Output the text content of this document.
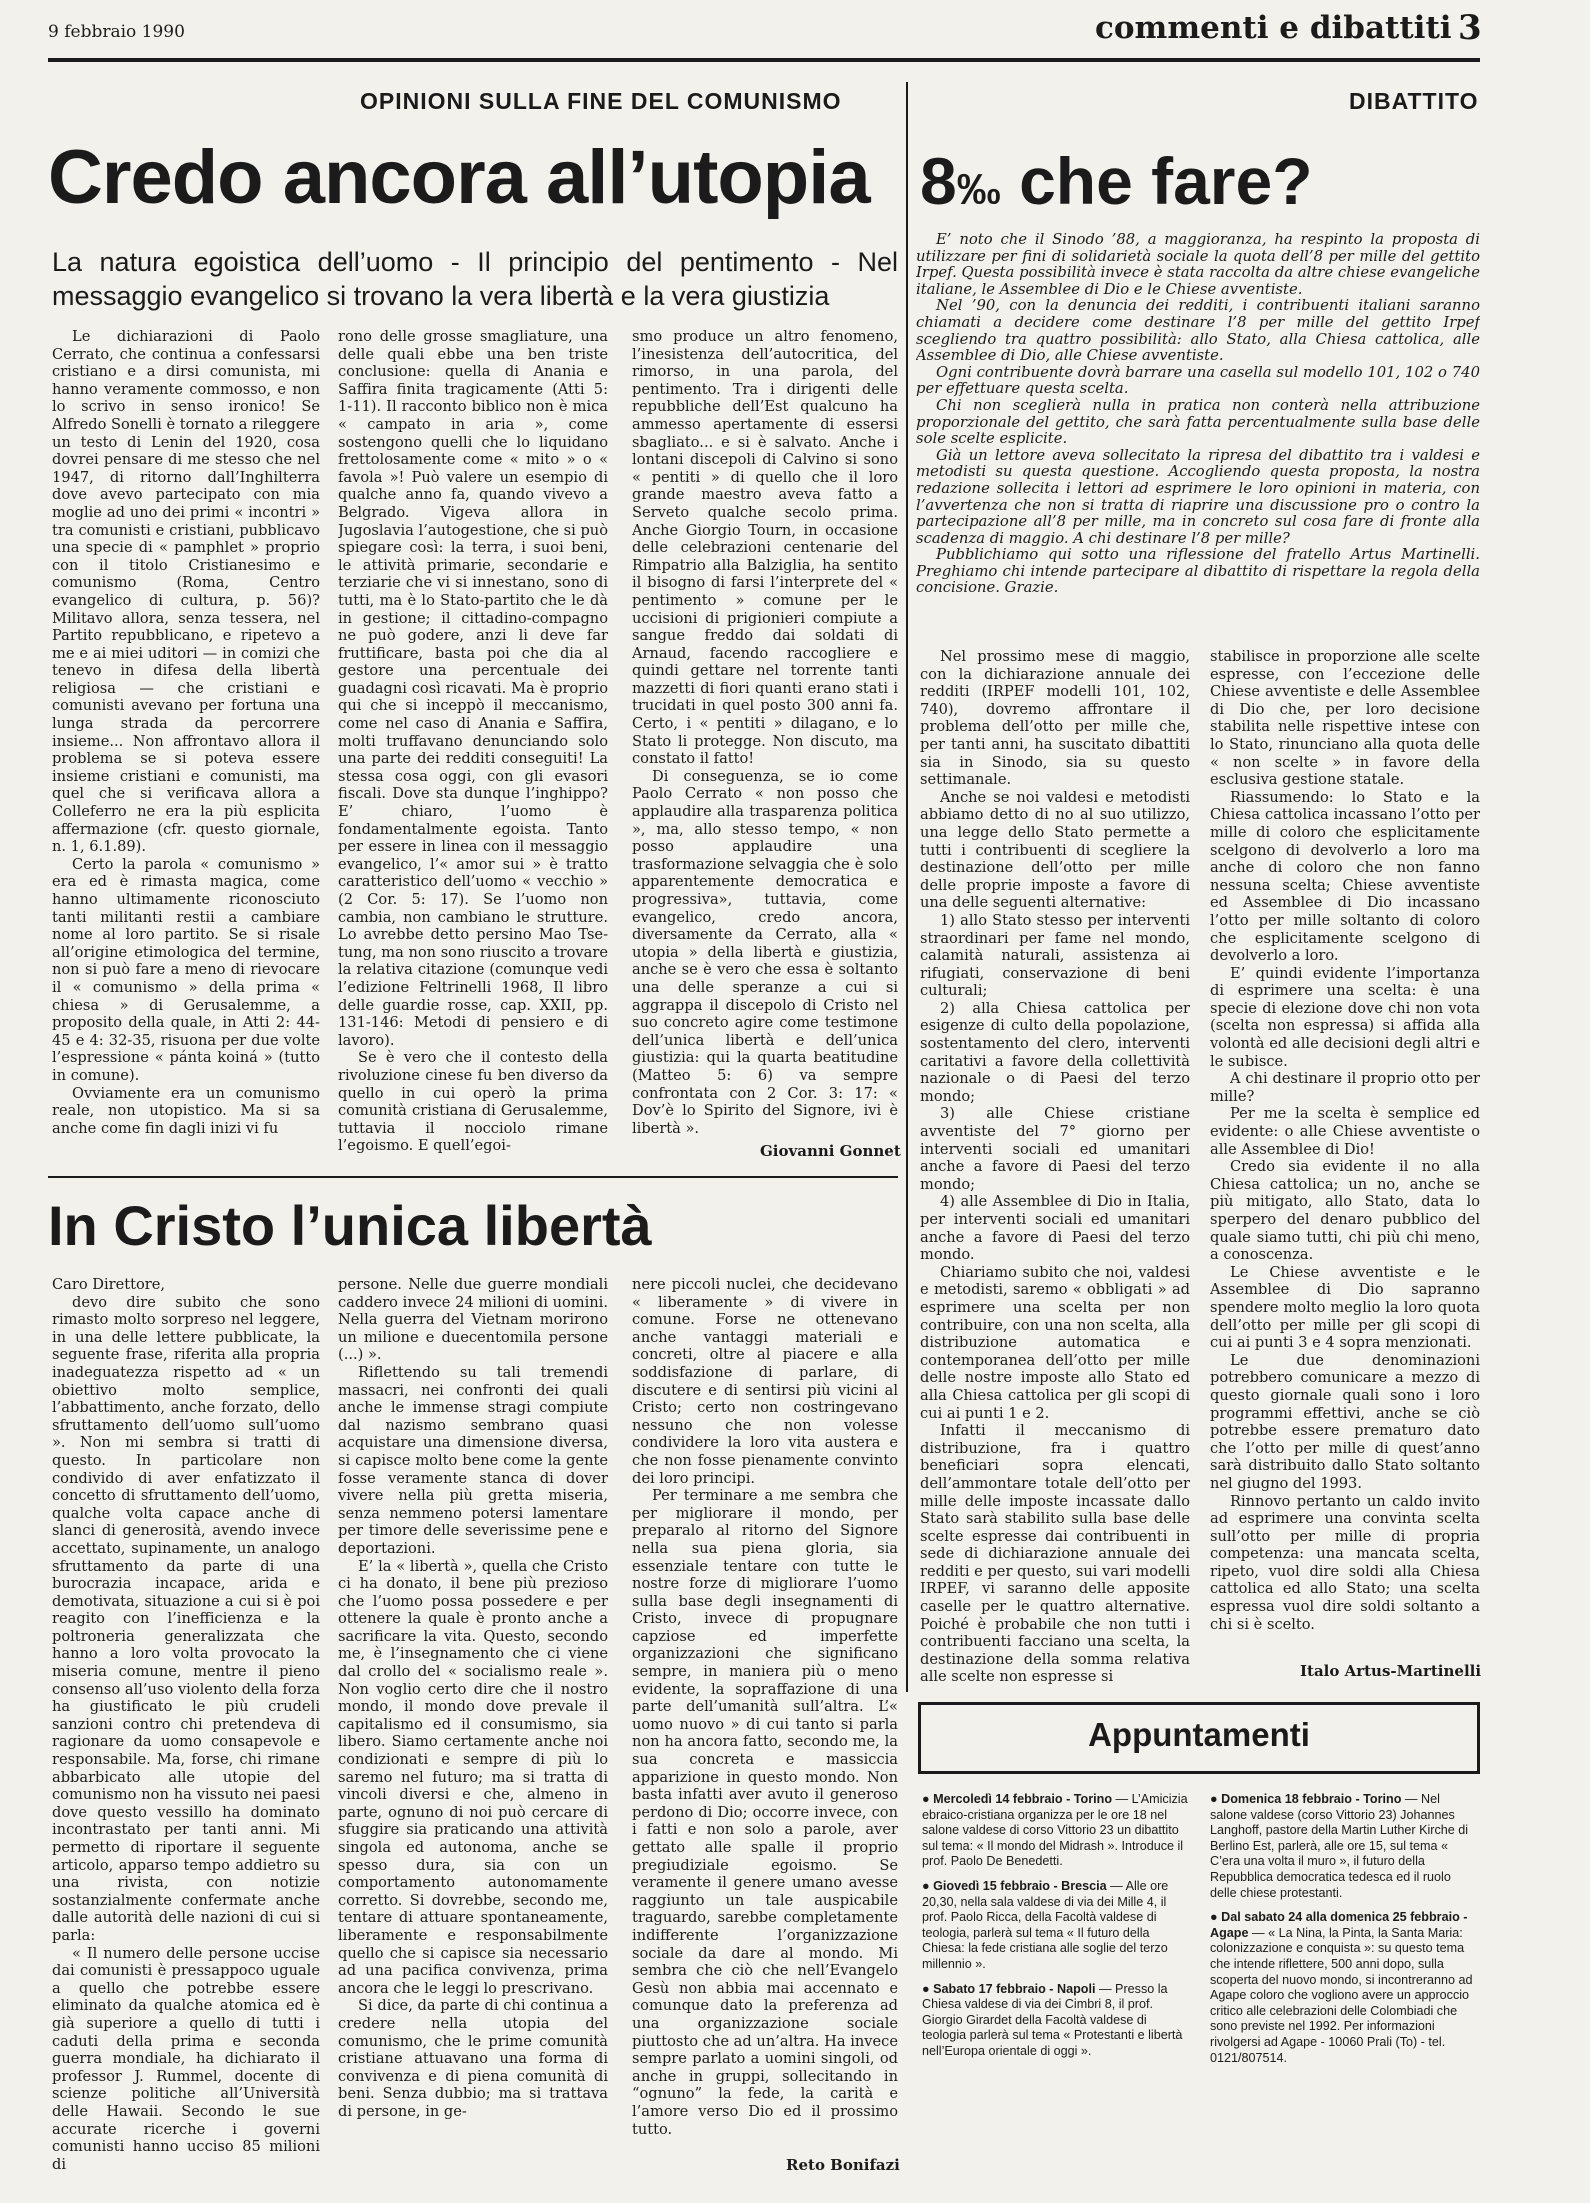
9 febbraio 1990	commenti e dibattiti 3
OPINIONI SULLA FINE DEL COMUNISMO
Credo ancora all’utopia
La natura egoistica dell’uomo - Il principio del pentimento - Nel messaggio evangelico si trovano la vera libertà e la vera giustizia

Le dichiarazioni di Paolo Cerrato, che continua a confessarsi cristiano e a dirsi comunista, mi hanno veramente commosso, e non lo scrivo in senso ironico! Se Alfredo Sonelli è tornato a rileggere un testo di Lenin del 1920, cosa dovrei pensare di me stesso che nel 1947, di ritorno dall’Inghilterra dove avevo partecipato con mia moglie ad uno dei primi « incontri » tra comunisti e cristiani, pubblicavo una specie di « pamphlet » proprio con il titolo Cristianesimo e comunismo (Roma, Centro evangelico di cultura, p. 56)? Militavo allora, senza tessera, nel Partito repubblicano, e ripetevo a me e ai miei uditori — in comizi che tenevo in difesa della libertà religiosa — che cristiani e comunisti avevano per fortuna una lunga strada da percorrere insieme... Non affrontavo allora il problema se si poteva essere insieme cristiani e comunisti, ma quel che si verificava allora a Colleferro ne era la più esplicita affermazione (cfr. questo giornale, n. 1, 6.1.89).

Certo la parola « comunismo » era ed è rimasta magica, come hanno ultimamente riconosciuto tanti militanti restii a cambiare nome al loro partito. Se si risale all’origine etimologica del termine, non si può fare a meno di rievocare il « comunismo » della prima « chiesa » di Gerusalemme, a proposito della quale, in Atti 2: 44-45 e 4: 32-35, risuona per due volte l’espressione « pánta koiná » (tutto in comune).

Ovviamente era un comunismo reale, non utopistico. Ma si sa anche come fin dagli inizi vi fu

rono delle grosse smagliature, una delle quali ebbe una ben triste conclusione: quella di Anania e Saffira finita tragicamente (Atti 5: 1-11). Il racconto biblico non è mica « campato in aria », come sostengono quelli che lo liquidano frettolosamente come « mito » o « favola »! Può valere un esempio di qualche anno fa, quando vivevo a Belgrado. Vigeva allora in Jugoslavia l’autogestione, che si può spiegare così: la terra, i suoi beni, le attività primarie, secondarie e terziarie che vi si innestano, sono di tutti, ma è lo Stato-partito che le dà in gestione; il cittadino-compagno ne può godere, anzi li deve far fruttificare, basta poi che dia al gestore una percentuale dei guadagni così ricavati. Ma è proprio qui che si inceppò il meccanismo, come nel caso di Anania e Saffira, molti truffavano denunciando solo una parte dei redditi conseguiti! La stessa cosa oggi, con gli evasori fiscali. Dove sta dunque l’inghippo? E’ chiaro, l’uomo è fondamentalmente egoista. Tanto per essere in linea con il messaggio evangelico, l’« amor sui » è tratto caratteristico dell’uomo « vecchio » (2 Cor. 5: 17). Se l’uomo non cambia, non cambiano le strutture. Lo avrebbe detto persino Mao Tse-tung, ma non sono riuscito a trovare la relativa citazione (comunque vedi l’edizione Feltrinelli 1968, Il libro delle guardie rosse, cap. XXII, pp. 131-146: Metodi di pensiero e di lavoro).

Se è vero che il contesto della rivoluzione cinese fu ben diverso da quello in cui operò la prima comunità cristiana di Gerusalemme, tuttavia il nocciolo rimane l’egoismo. E quell’egoi-

smo produce un altro fenomeno, l’inesistenza dell’autocritica, del rimorso, in una parola, del pentimento. Tra i dirigenti delle repubbliche dell’Est qualcuno ha ammesso apertamente di essersi sbagliato... e si è salvato. Anche i lontani discepoli di Calvino si sono « pentiti » di quello che il loro grande maestro aveva fatto a Serveto qualche secolo prima. Anche Giorgio Tourn, in occasione delle celebrazioni centenarie del Rimpatrio alla Balziglia, ha sentito il bisogno di farsi l’interprete del « pentimento » comune per le uccisioni di prigionieri compiute a sangue freddo dai soldati di Arnaud, facendo raccogliere e quindi gettare nel torrente tanti mazzetti di fiori quanti erano stati i trucidati in quel posto 300 anni fa. Certo, i « pentiti » dilagano, e lo Stato li protegge. Non discuto, ma constato il fatto!

Di conseguenza, se io come Paolo Cerrato « non posso che applaudire alla trasparenza politica », ma, allo stesso tempo, « non posso applaudire una trasformazione selvaggia che è solo apparentemente democratica e progressiva», tuttavia, come evangelico, credo ancora, diversamente da Cerrato, alla « utopia » della libertà e giustizia, anche se è vero che essa è soltanto una delle speranze a cui si aggrappa il discepolo di Cristo nel suo concreto agire come testimone dell’unica libertà e dell’unica giustizia: qui la quarta beatitudine (Matteo 5: 6) va sempre confrontata con 2 Cor. 3: 17: « Dov’è lo Spirito del Signore, ivi è libertà ».

Giovanni Gonnet
DIBATTITO
8‰ che fare?

E’ noto che il Sinodo ’88, a maggioranza, ha respinto la proposta di utilizzare per fini di solidarietà sociale la quota dell’8 per mille del gettito Irpef. Questa possibilità invece è stata raccolta da altre chiese evangeliche italiane, le Assemblee di Dio e le Chiese avventiste.

Nel ’90, con la denuncia dei redditi, i contribuenti italiani saranno chiamati a decidere come destinare l’8 per mille del gettito Irpef scegliendo tra quattro possibilità: allo Stato, alla Chiesa cattolica, alle Assemblee di Dio, alle Chiese avventiste.

Ogni contribuente dovrà barrare una casella sul modello 101, 102 o 740 per effettuare questa scelta.

Chi non sceglierà nulla in pratica non conterà nella attribuzione proporzionale del gettito, che sarà fatta percentualmente sulla base delle sole scelte esplicite.

Già un lettore aveva sollecitato la ripresa del dibattito tra i valdesi e metodisti su questa questione. Accogliendo questa proposta, la nostra redazione sollecita i lettori ad esprimere le loro opinioni in materia, con l’avvertenza che non si tratta di riaprire una discussione pro o contro la partecipazione all’8 per mille, ma in concreto sul cosa fare di fronte alla scadenza di maggio. A chi destinare l’8 per mille?

Pubblichiamo qui sotto una riflessione del fratello Artus Martinelli. Preghiamo chi intende partecipare al dibattito di rispettare la regola della concisione. Grazie.

Nel prossimo mese di maggio, con la dichiarazione annuale dei redditi (IRPEF modelli 101, 102, 740), dovremo affrontare il problema dell’otto per mille che, per tanti anni, ha suscitato dibattiti sia in Sinodo, sia su questo settimanale.

Anche se noi valdesi e metodisti abbiamo detto di no al suo utilizzo, una legge dello Stato permette a tutti i contribuenti di scegliere la destinazione dell’otto per mille delle proprie imposte a favore di una delle seguenti alternative:

1) allo Stato stesso per interventi straordinari per fame nel mondo, calamità naturali, assistenza ai rifugiati, conservazione di beni culturali;

2) alla Chiesa cattolica per esigenze di culto della popolazione, sostentamento del clero, interventi caritativi a favore della collettività nazionale o di Paesi del terzo mondo;

3) alle Chiese cristiane avventiste del 7° giorno per interventi sociali ed umanitari anche a favore di Paesi del terzo mondo;

4) alle Assemblee di Dio in Italia, per interventi sociali ed umanitari anche a favore di Paesi del terzo mondo.

Chiariamo subito che noi, valdesi e metodisti, saremo « obbligati » ad esprimere una scelta per non contribuire, con una non scelta, alla distribuzione automatica e contemporanea dell’otto per mille delle nostre imposte allo Stato ed alla Chiesa cattolica per gli scopi di cui ai punti 1 e 2.

Infatti il meccanismo di distribuzione, fra i quattro beneficiari sopra elencati, dell’ammontare totale dell’otto per mille delle imposte incassate dallo Stato sarà stabilito sulla base delle scelte espresse dai contribuenti in sede di dichiarazione annuale dei redditi e per questo, sui vari modelli IRPEF, vi saranno delle apposite caselle per le quattro alternative. Poiché è probabile che non tutti i contribuenti facciano una scelta, la destinazione della somma relativa alle scelte non espresse si

stabilisce in proporzione alle scelte espresse, con l’eccezione delle Chiese avventiste e delle Assemblee di Dio che, per loro decisione stabilita nelle rispettive intese con lo Stato, rinunciano alla quota delle « non scelte » in favore della esclusiva gestione statale.

Riassumendo: lo Stato e la Chiesa cattolica incassano l’otto per mille di coloro che esplicitamente scelgono di devolverlo a loro ma anche di coloro che non fanno nessuna scelta; Chiese avventiste ed Assemblee di Dio incassano l’otto per mille soltanto di coloro che esplicitamente scelgono di devolverlo a loro.

E’ quindi evidente l’importanza di esprimere una scelta: è una specie di elezione dove chi non vota (scelta non espressa) si affida alla volontà ed alle decisioni degli altri e le subisce.

A chi destinare il proprio otto per mille?

Per me la scelta è semplice ed evidente: o alle Chiese avventiste o alle Assemblee di Dio!

Credo sia evidente il no alla Chiesa cattolica; un no, anche se più mitigato, allo Stato, data lo sperpero del denaro pubblico del quale siamo tutti, chi più chi meno, a conoscenza.

Le Chiese avventiste e le Assemblee di Dio sapranno spendere molto meglio la loro quota dell’otto per mille per gli scopi di cui ai punti 3 e 4 sopra menzionati.

Le due denominazioni potrebbero comunicare a mezzo di questo giornale quali sono i loro programmi effettivi, anche se ciò potrebbe essere prematuro dato che l’otto per mille di quest’anno sarà distribuito dallo Stato soltanto nel giugno del 1993.

Rinnovo pertanto un caldo invito ad esprimere una convinta scelta sull’otto per mille di propria competenza: una mancata scelta, ripeto, vuol dire soldi alla Chiesa cattolica ed allo Stato; una scelta espressa vuol dire soldi soltanto a chi si è scelto.

Italo Artus-Martinelli
In Cristo l’unica libertà

Caro Direttore,

devo dire subito che sono rimasto molto sorpreso nel leggere, in una delle lettere pubblicate, la seguente frase, riferita alla propria inadeguatezza rispetto ad « un obiettivo molto semplice, l’abbattimento, anche forzato, dello sfruttamento dell’uomo sull’uomo ». Non mi sembra si tratti di questo. In particolare non condivido di aver enfatizzato il concetto di sfruttamento dell’uomo, qualche volta capace anche di slanci di generosità, avendo invece accettato, supinamente, un analogo sfruttamento da parte di una burocrazia incapace, arida e demotivata, situazione a cui si è poi reagito con l’inefficienza e la poltroneria generalizzata che hanno a loro volta provocato la miseria comune, mentre il pieno consenso all’uso violento della forza ha giustificato le più crudeli sanzioni contro chi pretendeva di ragionare da uomo consapevole e responsabile. Ma, forse, chi rimane abbarbicato alle utopie del comunismo non ha vissuto nei paesi dove questo vessillo ha dominato incontrastato per tanti anni. Mi permetto di riportare il seguente articolo, apparso tempo addietro su una rivista, con notizie sostanzialmente confermate anche dalle autorità delle nazioni di cui si parla:

« Il numero delle persone uccise dai comunisti è pressappoco uguale a quello che potrebbe essere eliminato da qualche atomica ed è già superiore a quello di tutti i caduti della prima e seconda guerra mondiale, ha dichiarato il professor J. Rummel, docente di scienze politiche all’Università delle Hawaii. Secondo le sue accurate ricerche i governi comunisti hanno ucciso 85 milioni di

persone. Nelle due guerre mondiali caddero invece 24 milioni di uomini. Nella guerra del Vietnam morirono un milione e duecentomila persone (...) ».

Riflettendo su tali tremendi massacri, nei confronti dei quali anche le immense stragi compiute dal nazismo sembrano quasi acquistare una dimensione diversa, si capisce molto bene come la gente fosse veramente stanca di dover vivere nella più gretta miseria, senza nemmeno potersi lamentare per timore delle severissime pene e deportazioni.

E’ la « libertà », quella che Cristo ci ha donato, il bene più prezioso che l’uomo possa possedere e per ottenere la quale è pronto anche a sacrificare la vita. Questo, secondo me, è l’insegnamento che ci viene dal crollo del « socialismo reale ». Non voglio certo dire che il nostro mondo, il mondo dove prevale il capitalismo ed il consumismo, sia libero. Siamo certamente anche noi condizionati e sempre di più lo saremo nel futuro; ma si tratta di vincoli diversi e che, almeno in parte, ognuno di noi può cercare di sfuggire sia praticando una attività singola ed autonoma, anche se spesso dura, sia con un comportamento autonomamente corretto. Si dovrebbe, secondo me, tentare di attuare spontaneamente, liberamente e responsabilmente quello che si capisce sia necessario ad una pacifica convivenza, prima ancora che le leggi lo prescrivano.

Si dice, da parte di chi continua a credere nella utopia del comunismo, che le prime comunità cristiane attuavano una forma di convivenza e di piena comunità di beni. Senza dubbio; ma si trattava di persone, in ge-

nere piccoli nuclei, che decidevano « liberamente » di vivere in comune. Forse ne ottenevano anche vantaggi materiali e concreti, oltre al piacere e alla soddisfazione di parlare, di discutere e di sentirsi più vicini al Cristo; certo non costringevano nessuno che non volesse condividere la loro vita austera e che non fosse pienamente convinto dei loro principi.

Per terminare a me sembra che per migliorare il mondo, per preparalo al ritorno del Signore nella sua piena gloria, sia essenziale tentare con tutte le nostre forze di migliorare l’uomo sulla base degli insegnamenti di Cristo, invece di propugnare capziose ed imperfette organizzazioni che significano sempre, in maniera più o meno evidente, la sopraffazione di una parte dell’umanità sull’altra. L’« uomo nuovo » di cui tanto si parla non ha ancora fatto, secondo me, la sua concreta e massiccia apparizione in questo mondo. Non basta infatti aver avuto il generoso perdono di Dio; occorre invece, con i fatti e non solo a parole, aver gettato alle spalle il proprio pregiudiziale egoismo. Se veramente il genere umano avesse raggiunto un tale auspicabile traguardo, sarebbe completamente indifferente l’organizzazione sociale da dare al mondo. Mi sembra che ciò che nell’Evangelo Gesù non abbia mai accennato e comunque dato la preferenza ad una organizzazione sociale piuttosto che ad un’altra. Ha invece sempre parlato a uomini singoli, od anche in gruppi, sollecitando in “ognuno” la fede, la carità e l’amore verso Dio ed il prossimo tutto.

Reto Bonifazi
Appuntamenti
● Mercoledì 14 febbraio - Torino — L’Amicizia ebraico-cristiana organizza per le ore 18 nel salone valdese di corso Vittorio 23 un dibattito sul tema: « Il mondo del Midrash ». Introduce il prof. Paolo De Benedetti.
● Giovedì 15 febbraio - Brescia — Alle ore 20,30, nella sala valdese di via dei Mille 4, il prof. Paolo Ricca, della Facoltà valdese di teologia, parlerà sul tema « Il futuro della Chiesa: la fede cristiana alle soglie del terzo millennio ».
● Sabato 17 febbraio - Napoli — Presso la Chiesa valdese di via dei Cimbri 8, il prof. Giorgio Girardet della Facoltà valdese di teologia parlerà sul tema « Protestanti e libertà nell’Europa orientale di oggi ».
● Domenica 18 febbraio - Torino — Nel salone valdese (corso Vittorio 23) Johannes Langhoff, pastore della Martin Luther Kirche di Berlino Est, parlerà, alle ore 15, sul tema « C’era una volta il muro », il futuro della Repubblica democratica tedesca ed il ruolo delle chiese protestanti.
● Dal sabato 24 alla domenica 25 febbraio - Agape — « La Nina, la Pinta, la Santa Maria: colonizzazione e conquista »: su questo tema che intende riflettere, 500 anni dopo, sulla scoperta del nuovo mondo, si incontreranno ad Agape coloro che vogliono avere un approccio critico alle celebrazioni delle Colombiadi che sono previste nel 1992. Per informazioni rivolgersi ad Agape - 10060 Prali (To) - tel. 0121/807514.
